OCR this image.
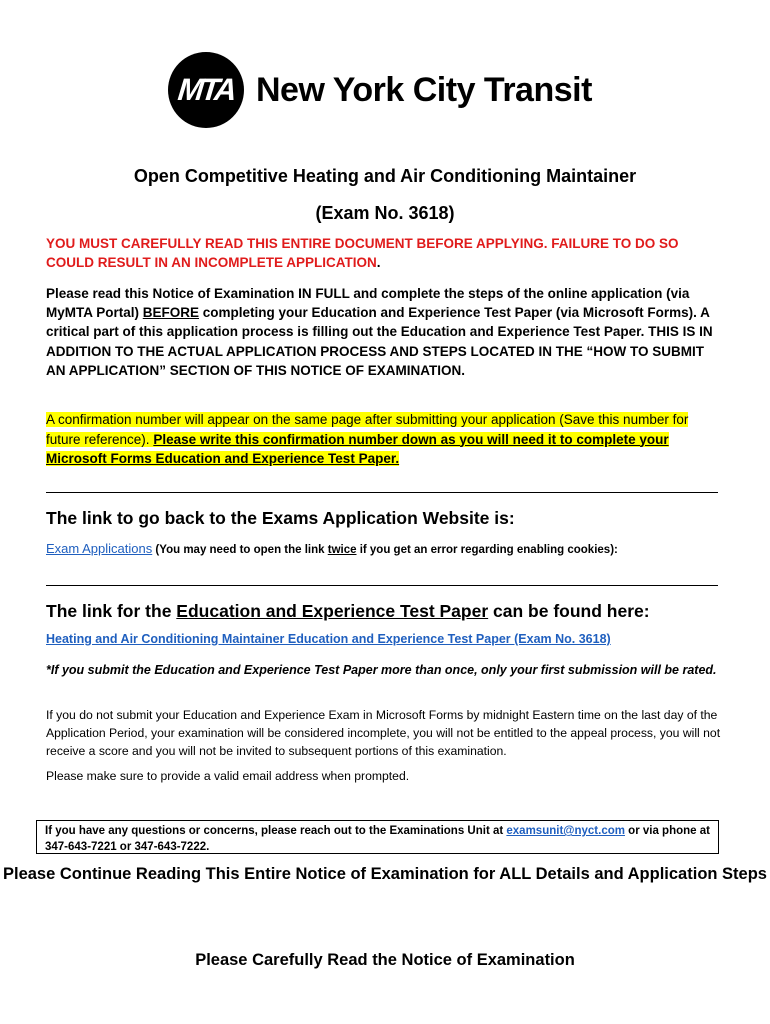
MTA New York City Transit
Open Competitive Heating and Air Conditioning Maintainer
(Exam No. 3618)
YOU MUST CAREFULLY READ THIS ENTIRE DOCUMENT BEFORE APPLYING. FAILURE TO DO SO COULD RESULT IN AN INCOMPLETE APPLICATION.
Please read this Notice of Examination IN FULL and complete the steps of the online application (via MyMTA Portal) BEFORE completing your Education and Experience Test Paper (via Microsoft Forms). A critical part of this application process is filling out the Education and Experience Test Paper. THIS IS IN ADDITION TO THE ACTUAL APPLICATION PROCESS AND STEPS LOCATED IN THE “HOW TO SUBMIT AN APPLICATION” SECTION OF THIS NOTICE OF EXAMINATION.
A confirmation number will appear on the same page after submitting your application (Save this number for future reference). Please write this confirmation number down as you will need it to complete your Microsoft Forms Education and Experience Test Paper.
The link to go back to the Exams Application Website is:
Exam Applications (You may need to open the link twice if you get an error regarding enabling cookies):
The link for the Education and Experience Test Paper can be found here:
Heating and Air Conditioning Maintainer Education and Experience Test Paper (Exam No. 3618)
*If you submit the Education and Experience Test Paper more than once, only your first submission will be rated.
If you do not submit your Education and Experience Exam in Microsoft Forms by midnight Eastern time on the last day of the Application Period, your examination will be considered incomplete, you will not be entitled to the appeal process, you will not receive a score and you will not be invited to subsequent portions of this examination.
Please make sure to provide a valid email address when prompted.
If you have any questions or concerns, please reach out to the Examinations Unit at examsunit@nyct.com or via phone at 347-643-7221 or 347-643-7222.
Please Continue Reading This Entire Notice of Examination for ALL Details and Application Steps
Please Carefully Read the Notice of Examination
